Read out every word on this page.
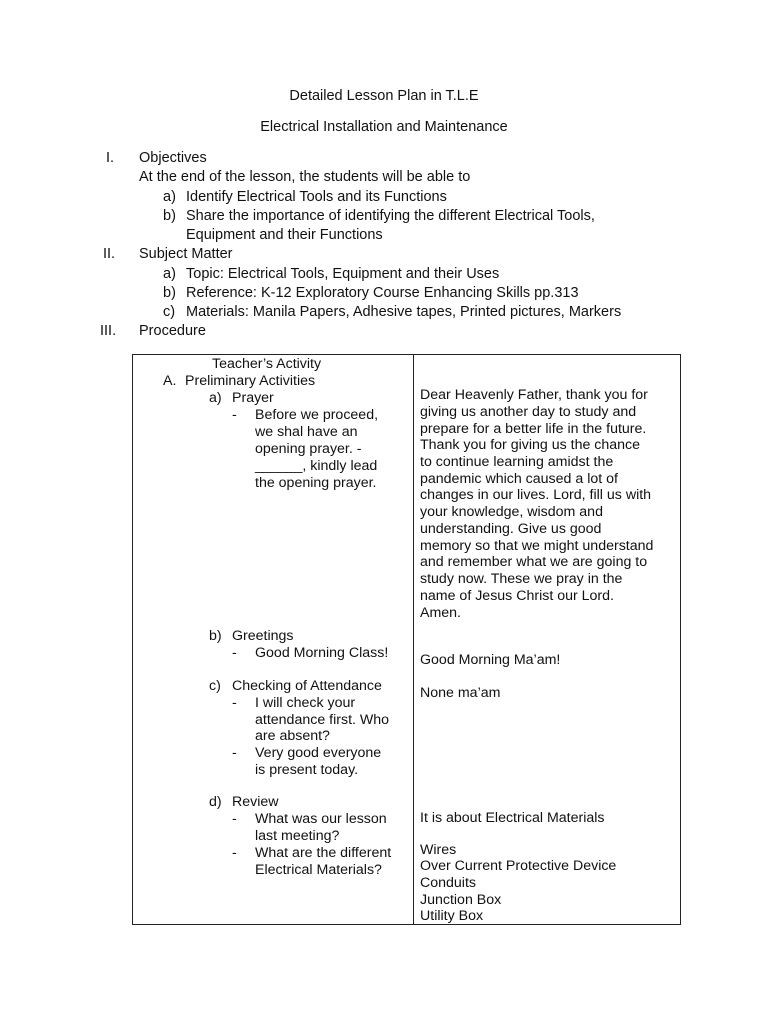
Detailed Lesson Plan in T.L.E
Electrical Installation and Maintenance
I. Objectives
At the end of the lesson, the students will be able to
a) Identify Electrical Tools and its Functions
b) Share the importance of identifying the different Electrical Tools,
Equipment and their Functions
II. Subject Matter
a) Topic: Electrical Tools, Equipment and their Uses
b) Reference: K-12 Exploratory Course Enhancing Skills pp.313
c) Materials: Manila Papers, Adhesive tapes, Printed pictures, Markers
III. Procedure
Teacher’s Activity
A. Preliminary Activities
a) Prayer
- Before we proceed,
we shal have an
opening prayer. -
______, kindly lead
the opening prayer.
Dear Heavenly Father, thank you for
giving us another day to study and
prepare for a better life in the future.
Thank you for giving us the chance
to continue learning amidst the
pandemic which caused a lot of
changes in our lives. Lord, fill us with
your knowledge, wisdom and
understanding. Give us good
memory so that we might understand
and remember what we are going to
study now. These we pray in the
name of Jesus Christ our Lord.
Amen.
b) Greetings
- Good Morning Class! Good Morning Ma’am!
c) Checking of Attendance
- I will check your
attendance first. Who
are absent?
- Very good everyone
is present today.
None ma’am
d) Review
- What was our lesson
last meeting?
- What are the different
Electrical Materials?
It is about Electrical Materials
Wires
Over Current Protective Device
Conduits
Junction Box
Utility Box
